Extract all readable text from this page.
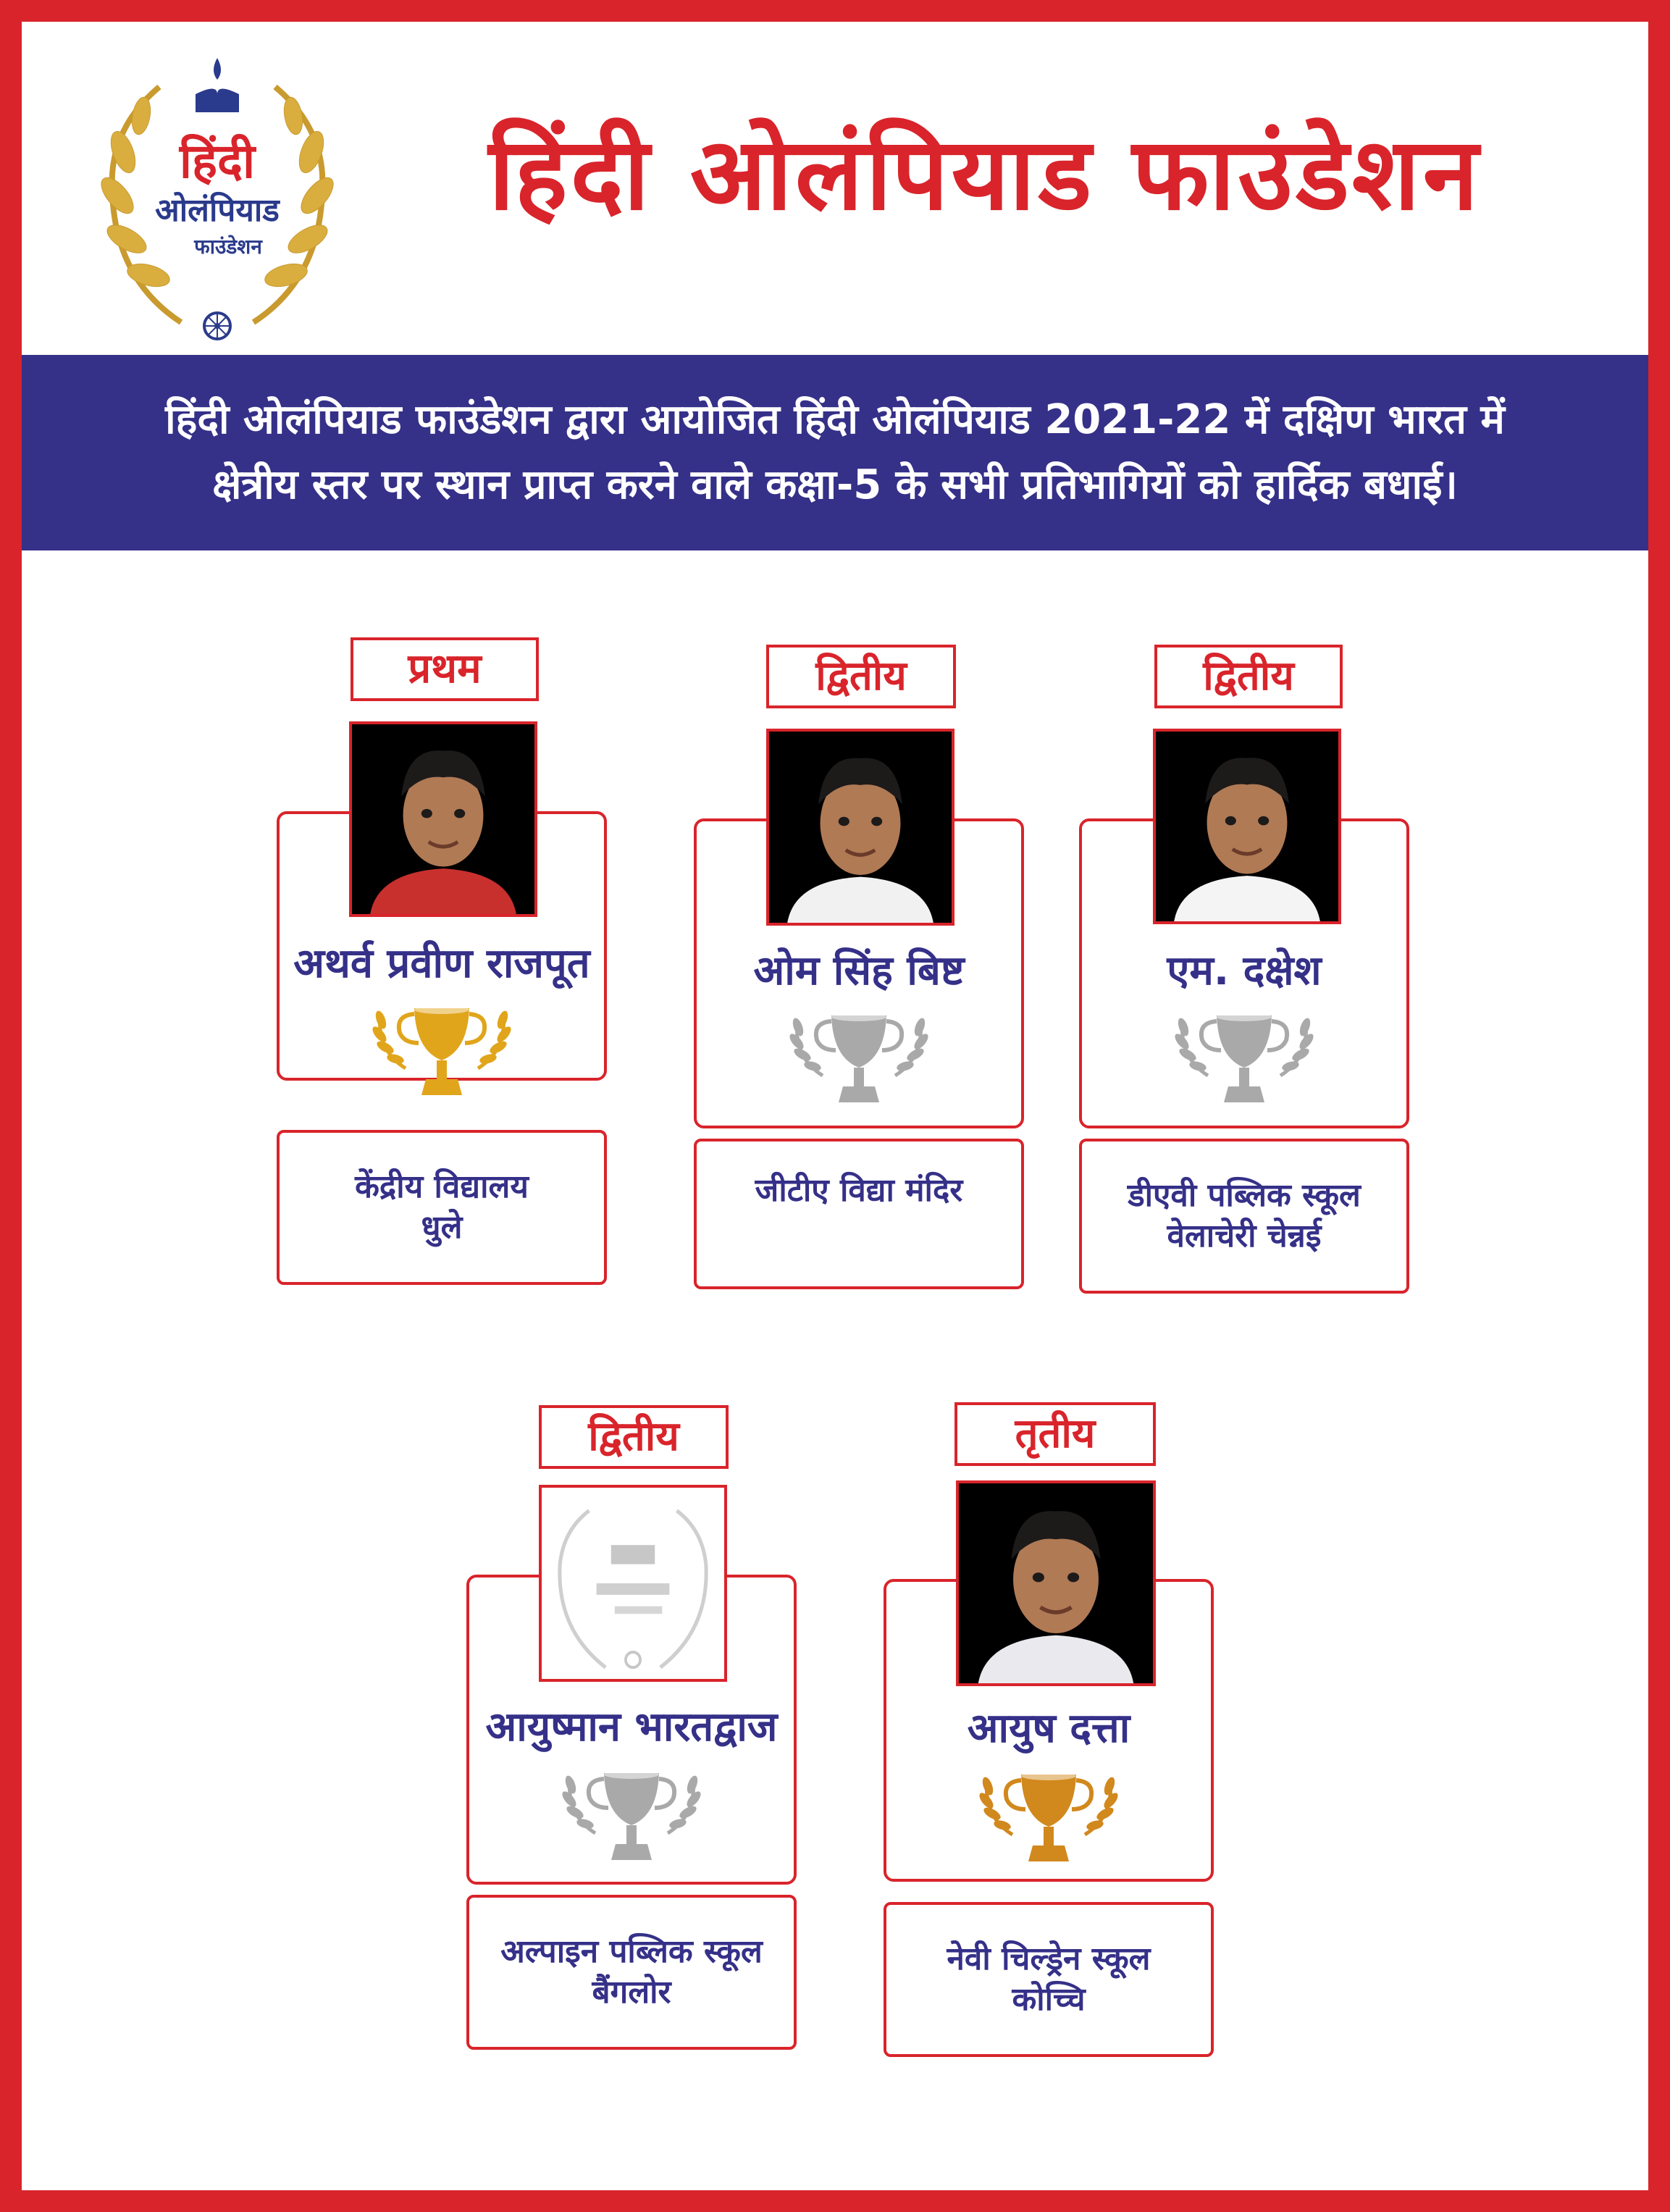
हिंदी
ओलंपियाड
फाउंडेशन
हिंदी ओलंपियाड फाउंडेशन
हिंदी ओलंपियाड फाउंडेशन द्वारा आयोजित हिंदी ओलंपियाड 2021-22 में दक्षिण भारत में
क्षेत्रीय स्तर पर स्थान प्राप्त करने वाले कक्षा-5 के सभी प्रतिभागियों को हार्दिक बधाई।
प्रथम
अथर्व प्रवीण राजपूत
केंद्रीय विद्यालय
धुले
द्वितीय
ओम सिंह बिष्ट
जीटीए विद्या मंदिर
द्वितीय
एम. दक्षेश
डीएवी पब्लिक स्कूल
वेलाचेरी चेन्नई
द्वितीय
आयुष्मान भारतद्वाज
अल्पाइन पब्लिक स्कूल
बैंगलोर
तृतीय
आयुष दत्ता
नेवी चिल्ड्रेन स्कूल
कोच्चि
